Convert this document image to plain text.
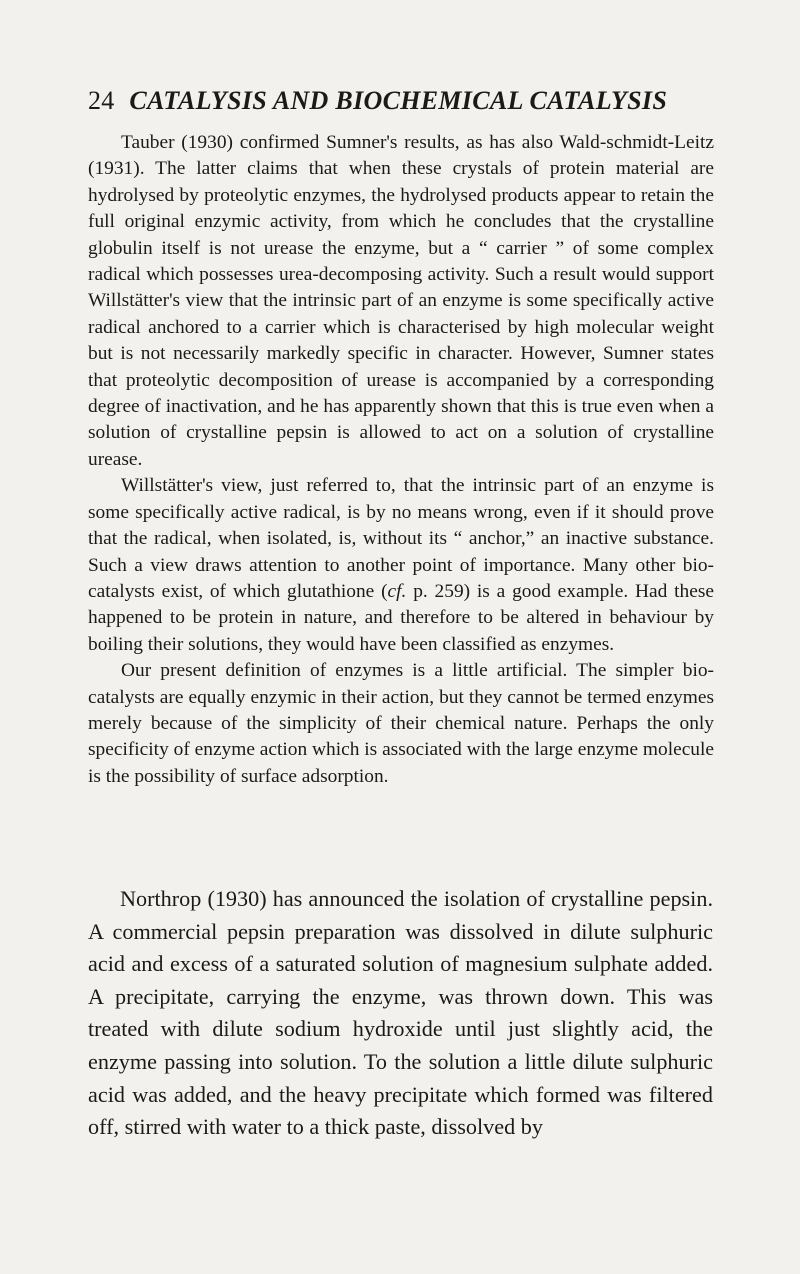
24 CATALYSIS AND BIOCHEMICAL CATALYSIS

Tauber (1930) confirmed Sumner's results, as has also Wald-schmidt-Leitz (1931). The latter claims that when these crystals of protein material are hydrolysed by proteolytic enzymes, the hydrolysed products appear to retain the full original enzymic activity, from which he concludes that the crystalline globulin itself is not urease the enzyme, but a “ carrier ” of some complex radical which possesses urea-decomposing activity. Such a result would support Willstätter's view that the intrinsic part of an enzyme is some specifically active radical anchored to a carrier which is characterised by high molecular weight but is not necessarily markedly specific in character. However, Sumner states that proteolytic decomposition of urease is accompanied by a corresponding degree of inactivation, and he has apparently shown that this is true even when a solution of crystalline pepsin is allowed to act on a solution of crystalline urease.

Willstätter's view, just referred to, that the intrinsic part of an enzyme is some specifically active radical, is by no means wrong, even if it should prove that the radical, when isolated, is, without its “ anchor,” an inactive substance. Such a view draws attention to another point of importance. Many other bio-catalysts exist, of which glutathione (cf. p. 259) is a good example. Had these happened to be protein in nature, and therefore to be altered in behaviour by boiling their solutions, they would have been classified as enzymes.

Our present definition of enzymes is a little artificial. The simpler bio-catalysts are equally enzymic in their action, but they cannot be termed enzymes merely because of the simplicity of their chemical nature. Perhaps the only specificity of enzyme action which is associated with the large enzyme molecule is the possibility of surface adsorption.

Northrop (1930) has announced the isolation of crystalline pepsin. A commercial pepsin preparation was dissolved in dilute sulphuric acid and excess of a saturated solution of magnesium sulphate added. A precipitate, carrying the enzyme, was thrown down. This was treated with dilute sodium hydroxide until just slightly acid, the enzyme passing into solution. To the solution a little dilute sulphuric acid was added, and the heavy precipitate which formed was filtered off, stirred with water to a thick paste, dissolved by
